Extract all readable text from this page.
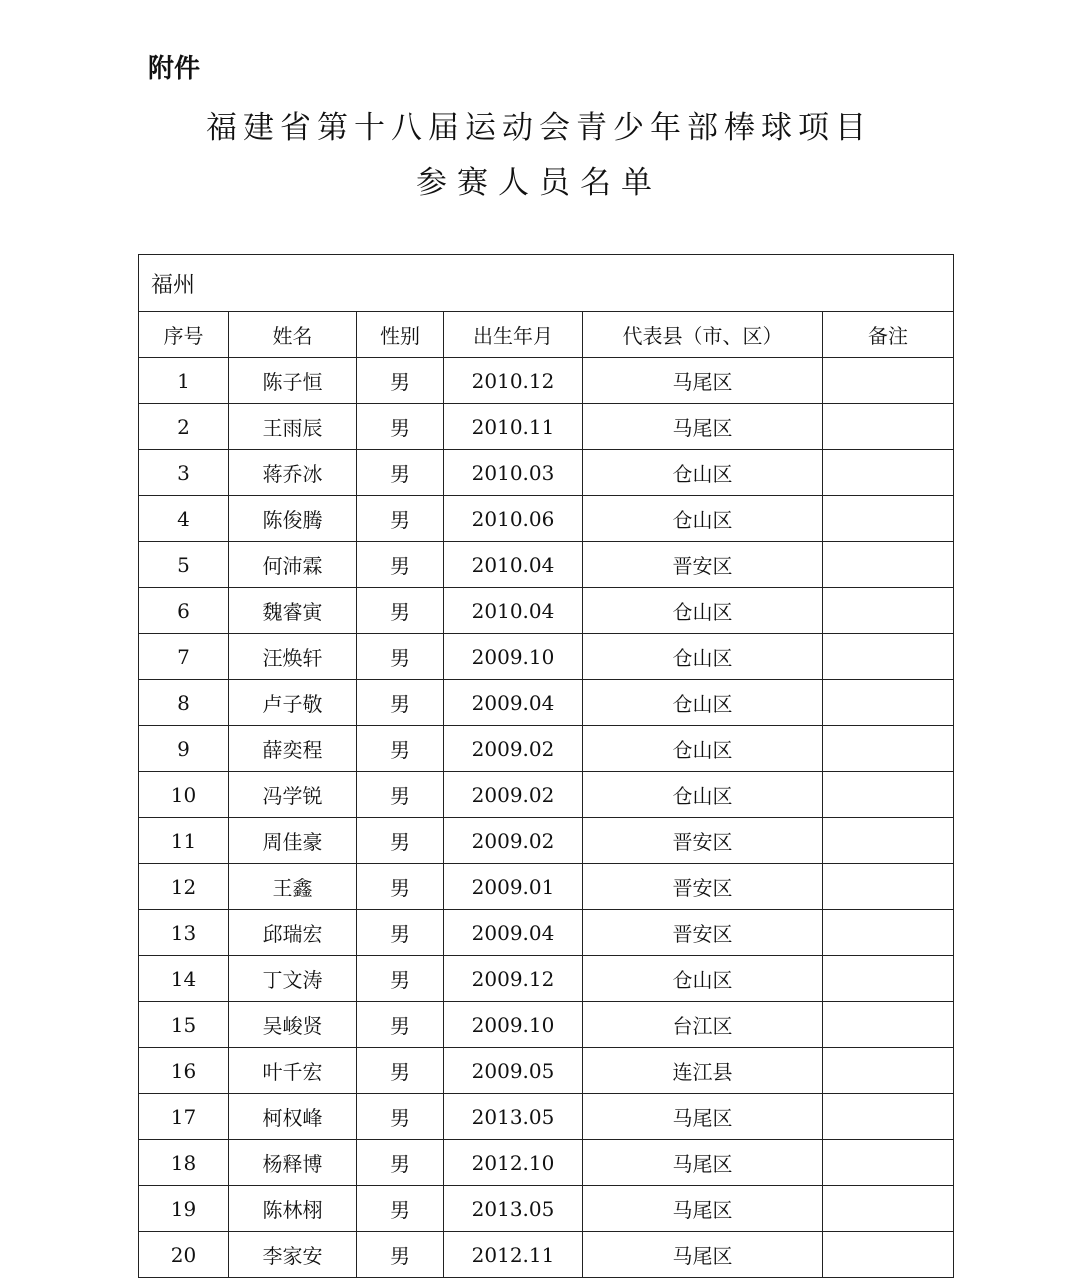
附件
福建省第十八届运动会青少年部棒球项目
参赛人员名单
福州					
序号	姓名	性别	出生年月	代表县（市、区）	备注
1	陈子恒	男	2010.12	马尾区	
2	王雨辰	男	2010.11	马尾区	
3	蒋乔冰	男	2010.03	仓山区	
4	陈俊腾	男	2010.06	仓山区	
5	何沛霖	男	2010.04	晋安区	
6	魏睿寅	男	2010.04	仓山区	
7	汪焕轩	男	2009.10	仓山区	
8	卢子敬	男	2009.04	仓山区	
9	薛奕程	男	2009.02	仓山区	
10	冯学锐	男	2009.02	仓山区	
11	周佳豪	男	2009.02	晋安区	
12	王鑫	男	2009.01	晋安区	
13	邱瑞宏	男	2009.04	晋安区	
14	丁文涛	男	2009.12	仓山区	
15	吴峻贤	男	2009.10	台江区	
16	叶千宏	男	2009.05	连江县	
17	柯权峰	男	2013.05	马尾区	
18	杨释博	男	2012.10	马尾区	
19	陈林栩	男	2013.05	马尾区	
20	李家安	男	2012.11	马尾区	
